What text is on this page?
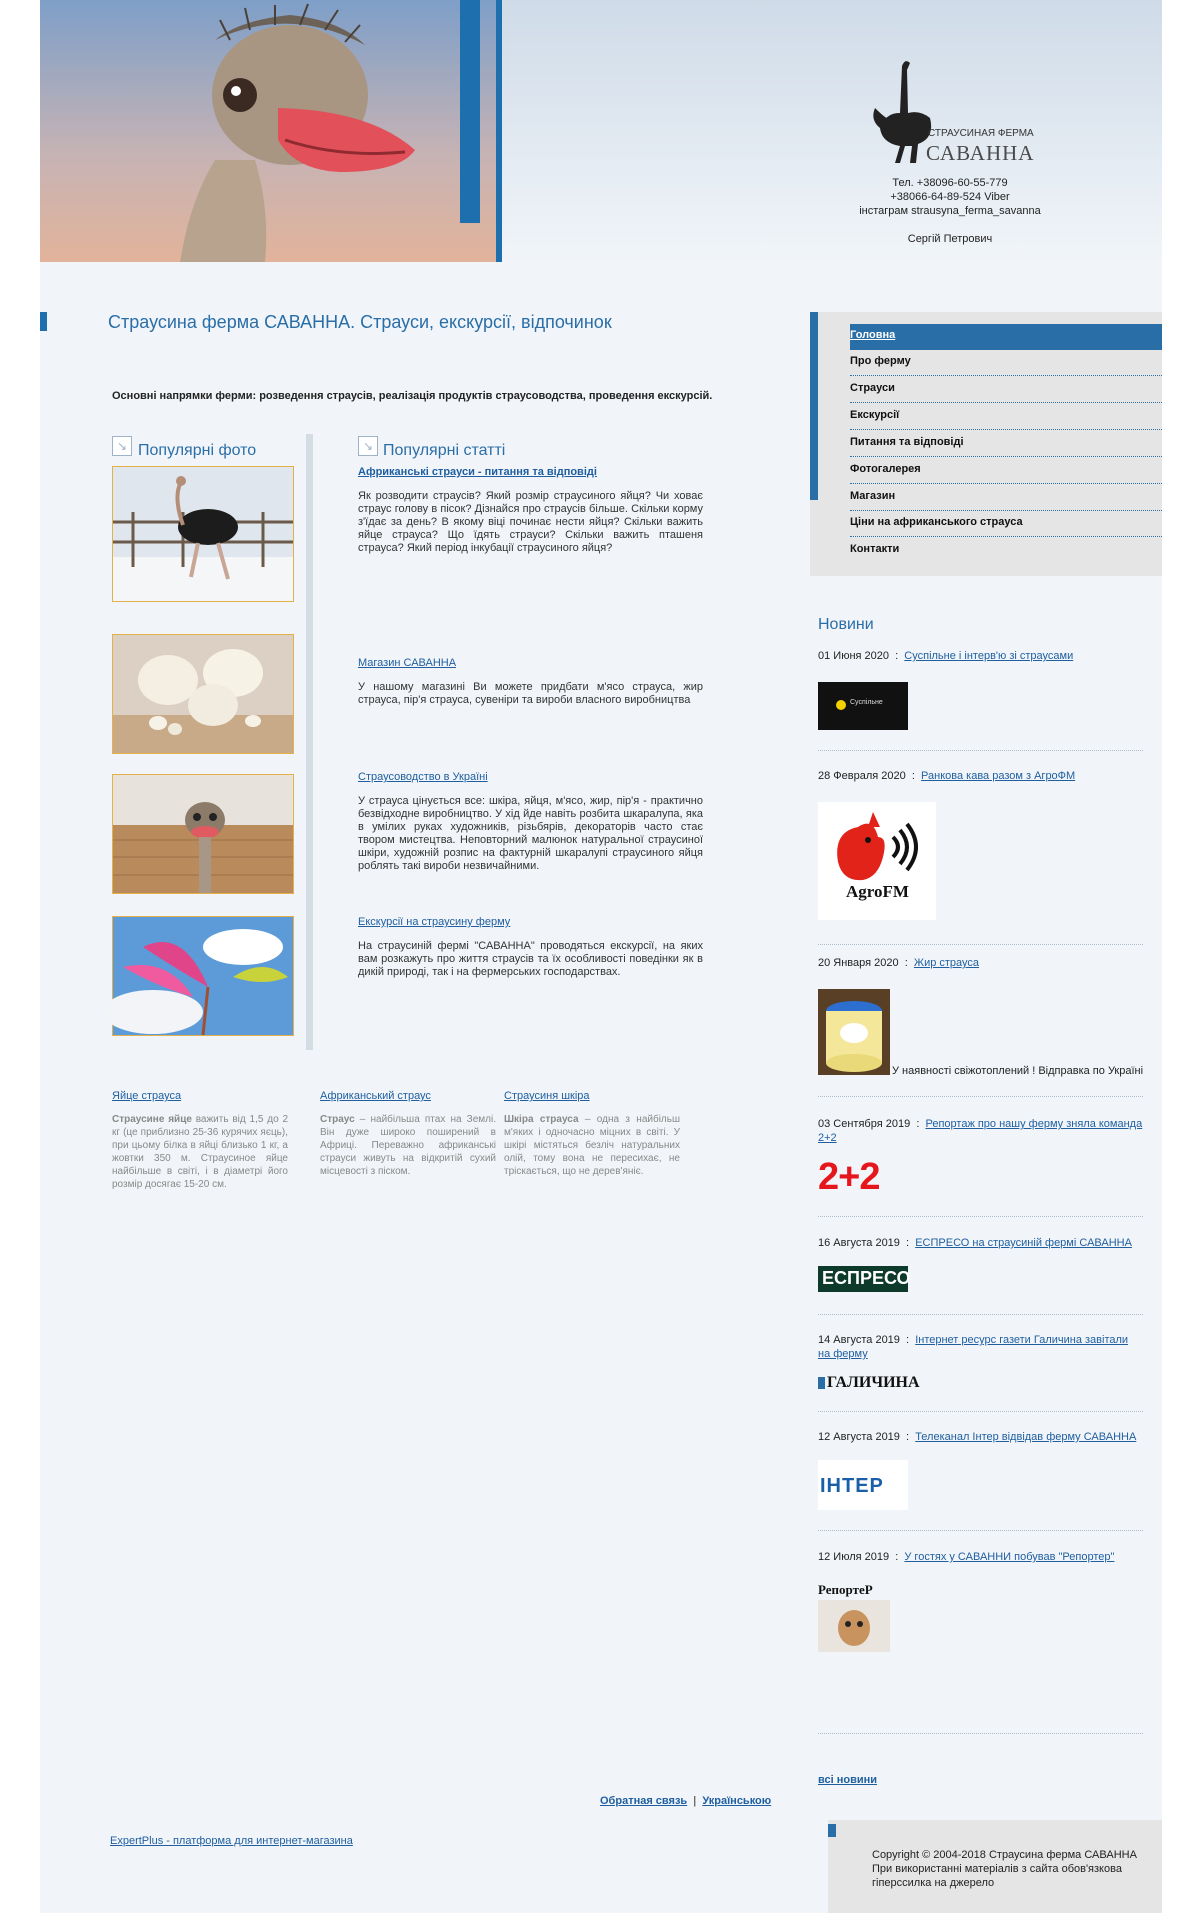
СТРАУСИНАЯ ФЕРМА
САВАННА
Тел. +38096-60-55-779
+38066-64-89-524 Viber
інстаграм strausyna_ferma_savanna
Сергій Петрович
Страусина ферма САВАННА. Страуси, екскурсії, відпочинок
Основні напрямки ферми: розведення страусів, реалізація продуктів страусоводства, проведення екскурсій.
↘ Популярні фото	↘ Популярні статті
Африканські страуси - питання та відповіді
Як розводити страусів? Який розмір страусиного яйця? Чи ховає страус голову в пісок? Дізнайся про страусів більше. Скільки корму з'їдає за день? В якому віці починає нести яйця? Скільки важить яйце страуса? Що їдять страуси? Скільки важить пташеня страуса? Який період інкубації страусиного яйця?
Магазин САВАННА
У нашому магазині Ви можете придбати м'ясо страуса, жир страуса, пір'я страуса, сувеніри та вироби власного виробництва
Страусоводство в Україні
У страуса цінується все: шкіра, яйця, м'ясо, жир, пір'я - практично безвідходне виробництво. У хід йде навіть розбита шкаралупа, яка в умілих руках художників, різьбярів, декораторів часто стає твором мистецтва. Неповторний малюнок натуральної страусиної шкіри, художній розпис на фактурній шкаралупі страусиного яйця роблять такі вироби незвичайними.
Екскурсії на страусину ферму
На страусиній фермі "САВАННА" проводяться екскурсії, на яких вам розкажуть про життя страусів та їх особливості поведінки як в дикій природі, так і на фермерських господарствах.
Яйце страуса
Страусине яйце важить від 1,5 до 2 кг (це приблизно 25-36 курячих яєць), при цьому білка в яйці близько 1 кг, а жовтки 350 м. Страусиное яйце найбільше в світі, і в діаметрі його розмір досягає 15-20 см.
Африканський страус
Страус – найбільша птах на Землі. Він дуже широко поширений в Африці. Переважно африканські страуси живуть на відкритій сухий місцевості з піском.
Страусиня шкіра
Шкіра страуса – одна з найбільш м'яких і одночасно міцних в світі. У шкірі містяться безліч натуральних олій, тому вона не пересихає, не тріскається, що не дерев'яніє.
Головна
Про ферму
Страуси
Екскурсії
Питання та відповіді
Фотогалерея
Магазин
Ціни на африканського страуса
Контакти
Новини
01 Июня 2020  :  Суспільне і інтерв'ю зі страусами
Суспільне
28 Февраля 2020  :  Ранкова кава разом з АгроФМ
AgroFM
20 Января 2020  :  Жир страуса
У наявності свіжотоплений ! Відправка по Україні
03 Сентября 2019  :  Репортаж про нашу ферму зняла команда 2+2
2+2
16 Августа 2019  :  ЕСПРЕСО на страусиній фермі САВАННА
ЕСПРЕСО
14 Августа 2019  :  Інтернет ресурс газети Галичина завітали на ферму
ГАЛИЧИНА
12 Августа 2019  :  Телеканал Інтер відвідав ферму САВАННА
ІНТЕР
12 Июля 2019  :  У гостях у САВАННИ побував "Репортер"
РепортеР
всі новини
Обратная связь | Українською
ExpertPlus - платформа для интернет-магазина
Copyright © 2004-2018 Страусина ферма САВАННА
При використанні матеріалів з сайта обов'язкова гіперссилка на джерело
